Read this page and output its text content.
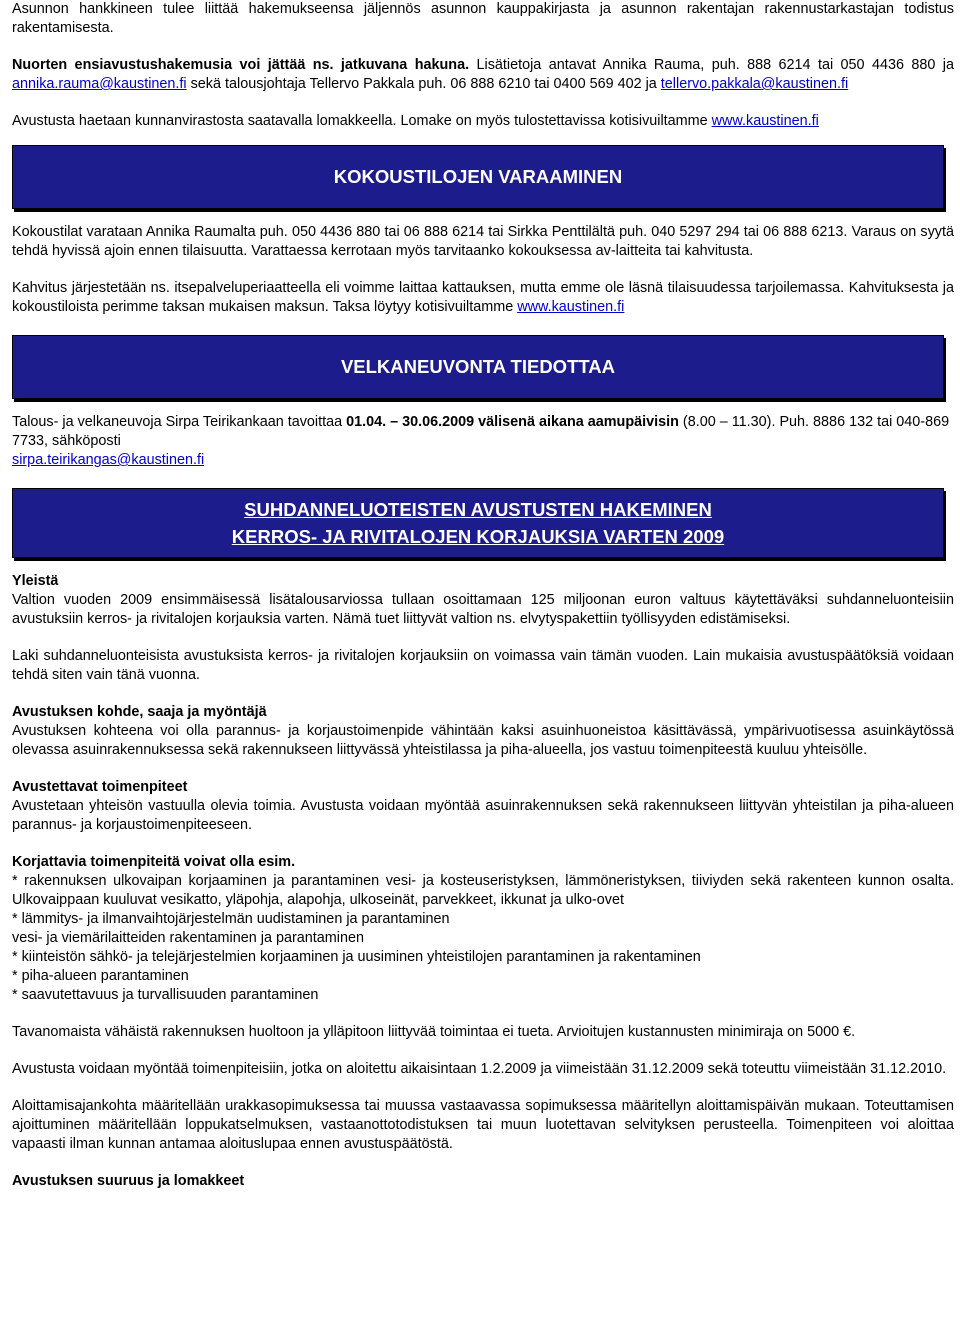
Asunnon hankkineen tulee liittää hakemukseensa jäljennös asunnon kauppakirjasta ja asunnon rakentajan rakennustarkastajan todistus rakentamisesta.

Nuorten ensiavustushakemusia voi jättää ns. jatkuvana hakuna. Lisätietoja antavat Annika Rauma, puh. 888 6214 tai 050 4436 880 ja annika.rauma@kaustinen.fi sekä talousjohtaja Tellervo Pakkala puh. 06 888 6210 tai 0400 569 402 ja tellervo.pakkala@kaustinen.fi

Avustusta haetaan kunnanvirastosta saatavalla lomakkeella. Lomake on myös tulostettavissa kotisivuiltamme www.kaustinen.fi

KOKOUSTILOJEN VARAAMINEN

Kokoustilat varataan Annika Raumalta puh. 050 4436 880 tai 06 888 6214 tai Sirkka Penttilältä puh. 040 5297 294 tai 06 888 6213. Varaus on syytä tehdä hyvissä ajoin ennen tilaisuutta. Varattaessa kerrotaan myös tarvitaanko kokouksessa av-laitteita tai kahvitusta.

Kahvitus järjestetään ns. itsepalveluperiaatteella eli voimme laittaa kattauksen, mutta emme ole läsnä tilaisuudessa tarjoilemassa. Kahvituksesta ja kokoustiloista perimme taksan mukaisen maksun. Taksa löytyy kotisivuiltamme www.kaustinen.fi

VELKANEUVONTA TIEDOTTAA

Talous- ja velkaneuvoja Sirpa Teirikankaan tavoittaa 01.04. – 30.06.2009 välisenä aikana aamupäivisin (8.00 – 11.30). Puh. 8886 132 tai 040-869 7733, sähköposti
sirpa.teirikangas@kaustinen.fi

SUHDANNELUOTEISTEN AVUSTUSTEN HAKEMINEN
KERROS- JA RIVITALOJEN KORJAUKSIA VARTEN 2009

Yleistä

Valtion vuoden 2009 ensimmäisessä lisätalousarviossa tullaan osoittamaan 125 miljoonan euron valtuus käytettäväksi suhdanneluonteisiin avustuksiin kerros- ja rivitalojen korjauksia varten. Nämä tuet liittyvät valtion ns. elvytyspakettiin työllisyyden edistämiseksi.

Laki suhdanneluonteisista avustuksista kerros- ja rivitalojen korjauksiin on voimassa vain tämän vuoden. Lain mukaisia avustuspäätöksiä voidaan tehdä siten vain tänä vuonna.

Avustuksen kohde, saaja ja myöntäjä

Avustuksen kohteena voi olla parannus- ja korjaustoimenpide vähintään kaksi asuinhuoneistoa käsittävässä, ympärivuotisessa asuinkäytössä olevassa asuinrakennuksessa sekä rakennukseen liittyvässä yhteistilassa ja piha-alueella, jos vastuu toimenpiteestä kuuluu yhteisölle.

Avustettavat toimenpiteet

Avustetaan yhteisön vastuulla olevia toimia. Avustusta voidaan myöntää asuinrakennuksen sekä rakennukseen liittyvän yhteistilan ja piha-alueen parannus- ja korjaustoimenpiteeseen.

Korjattavia toimenpiteitä voivat olla esim.

* rakennuksen ulkovaipan korjaaminen ja parantaminen vesi- ja kosteuseristyksen, lämmöneristyksen, tiiviyden sekä rakenteen kunnon osalta. Ulkovaippaan kuuluvat vesikatto, yläpohja, alapohja, ulkoseinät, parvekkeet, ikkunat ja ulko-ovet

* lämmitys- ja ilmanvaihtojärjestelmän uudistaminen ja parantaminen

vesi- ja viemärilaitteiden rakentaminen ja parantaminen

* kiinteistön sähkö- ja telejärjestelmien korjaaminen ja uusiminen yhteistilojen parantaminen ja rakentaminen

* piha-alueen parantaminen

* saavutettavuus ja turvallisuuden parantaminen

Tavanomaista vähäistä rakennuksen huoltoon ja ylläpitoon liittyvää toimintaa ei tueta. Arvioitujen kustannusten minimiraja on 5000 €.

Avustusta voidaan myöntää toimenpiteisiin, jotka on aloitettu aikaisintaan 1.2.2009 ja viimeistään 31.12.2009 sekä toteuttu viimeistään 31.12.2010.

Aloittamisajankohta määritellään urakkasopimuksessa tai muussa vastaavassa sopimuksessa määritellyn aloittamispäivän mukaan. Toteuttamisen ajoittuminen määritellään loppukatselmuksen, vastaanottotodistuksen tai muun luotettavan selvityksen perusteella. Toimenpiteen voi aloittaa vapaasti ilman kunnan antamaa aloituslupaa ennen avustuspäätöstä.

Avustuksen suuruus ja lomakkeet
